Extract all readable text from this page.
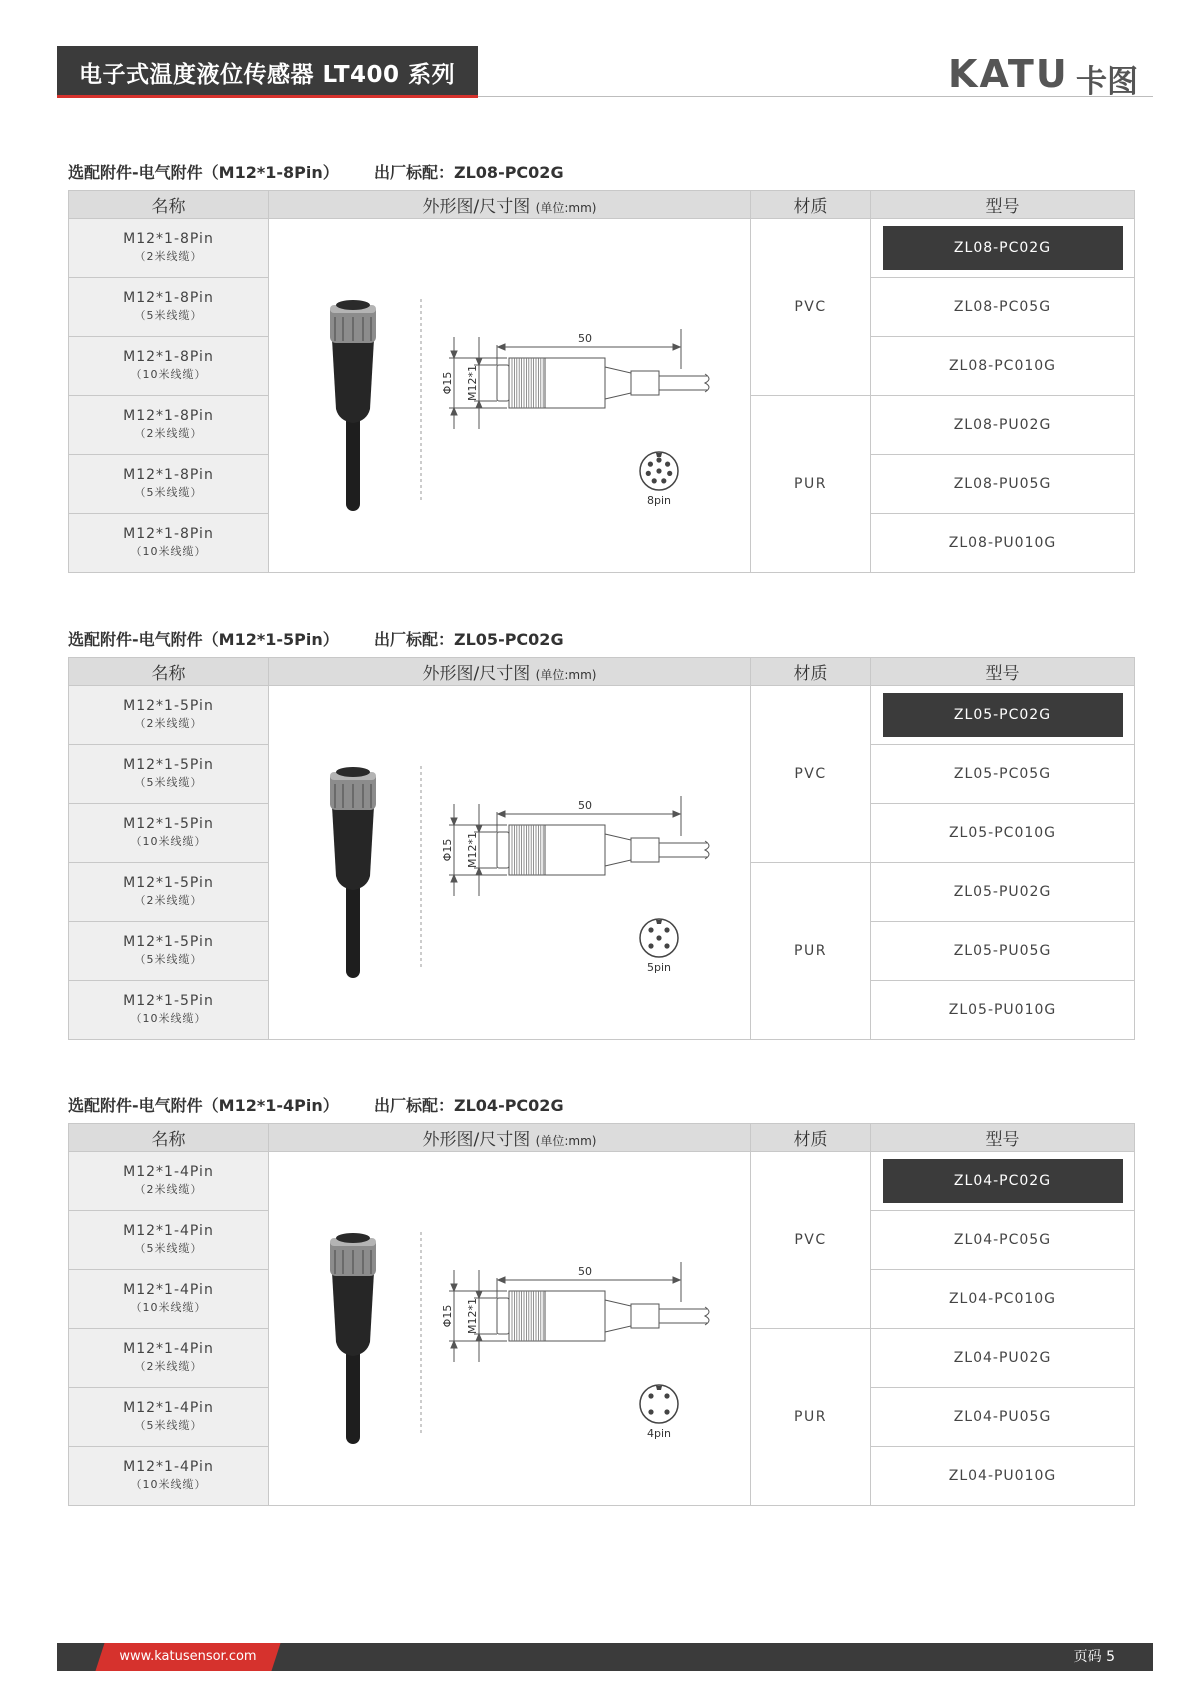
电子式温度液位传感器 LT400 系列	KATU 卡图
选配附件-电气附件（M12*1-8Pin） 出厂标配：ZL08-PC02G
名称	外形图/尺寸图 (单位:mm)	材质	型号
M12*1-8Pin
（2米线缆）	50
Φ15 M12*1
8pin	PVC	ZL08-PC02G
M12*1-8Pin
（5米线缆）			ZL08-PC05G
M12*1-8Pin
（10米线缆）			ZL08-PC010G
M12*1-8Pin
（2米线缆）		PUR	ZL08-PU02G
M12*1-8Pin
（5米线缆）			ZL08-PU05G
M12*1-8Pin
（10米线缆）			ZL08-PU010G
选配附件-电气附件（M12*1-5Pin） 出厂标配：ZL05-PC02G
名称	外形图/尺寸图 (单位:mm)	材质	型号
M12*1-5Pin
（2米线缆）	50
Φ15 M12*1
5pin	PVC	ZL05-PC02G
M12*1-5Pin
（5米线缆）			ZL05-PC05G
M12*1-5Pin
（10米线缆）			ZL05-PC010G
M12*1-5Pin
（2米线缆）		PUR	ZL05-PU02G
M12*1-5Pin
（5米线缆）			ZL05-PU05G
M12*1-5Pin
（10米线缆）			ZL05-PU010G
选配附件-电气附件（M12*1-4Pin） 出厂标配：ZL04-PC02G
名称	外形图/尺寸图 (单位:mm)	材质	型号
M12*1-4Pin
（2米线缆）	50
Φ15 M12*1
4pin	PVC	ZL04-PC02G
M12*1-4Pin
（5米线缆）			ZL04-PC05G
M12*1-4Pin
（10米线缆）			ZL04-PC010G
M12*1-4Pin
（2米线缆）		PUR	ZL04-PU02G
M12*1-4Pin
（5米线缆）			ZL04-PU05G
M12*1-4Pin
（10米线缆）			ZL04-PU010G
www.katusensor.com	页码 5
